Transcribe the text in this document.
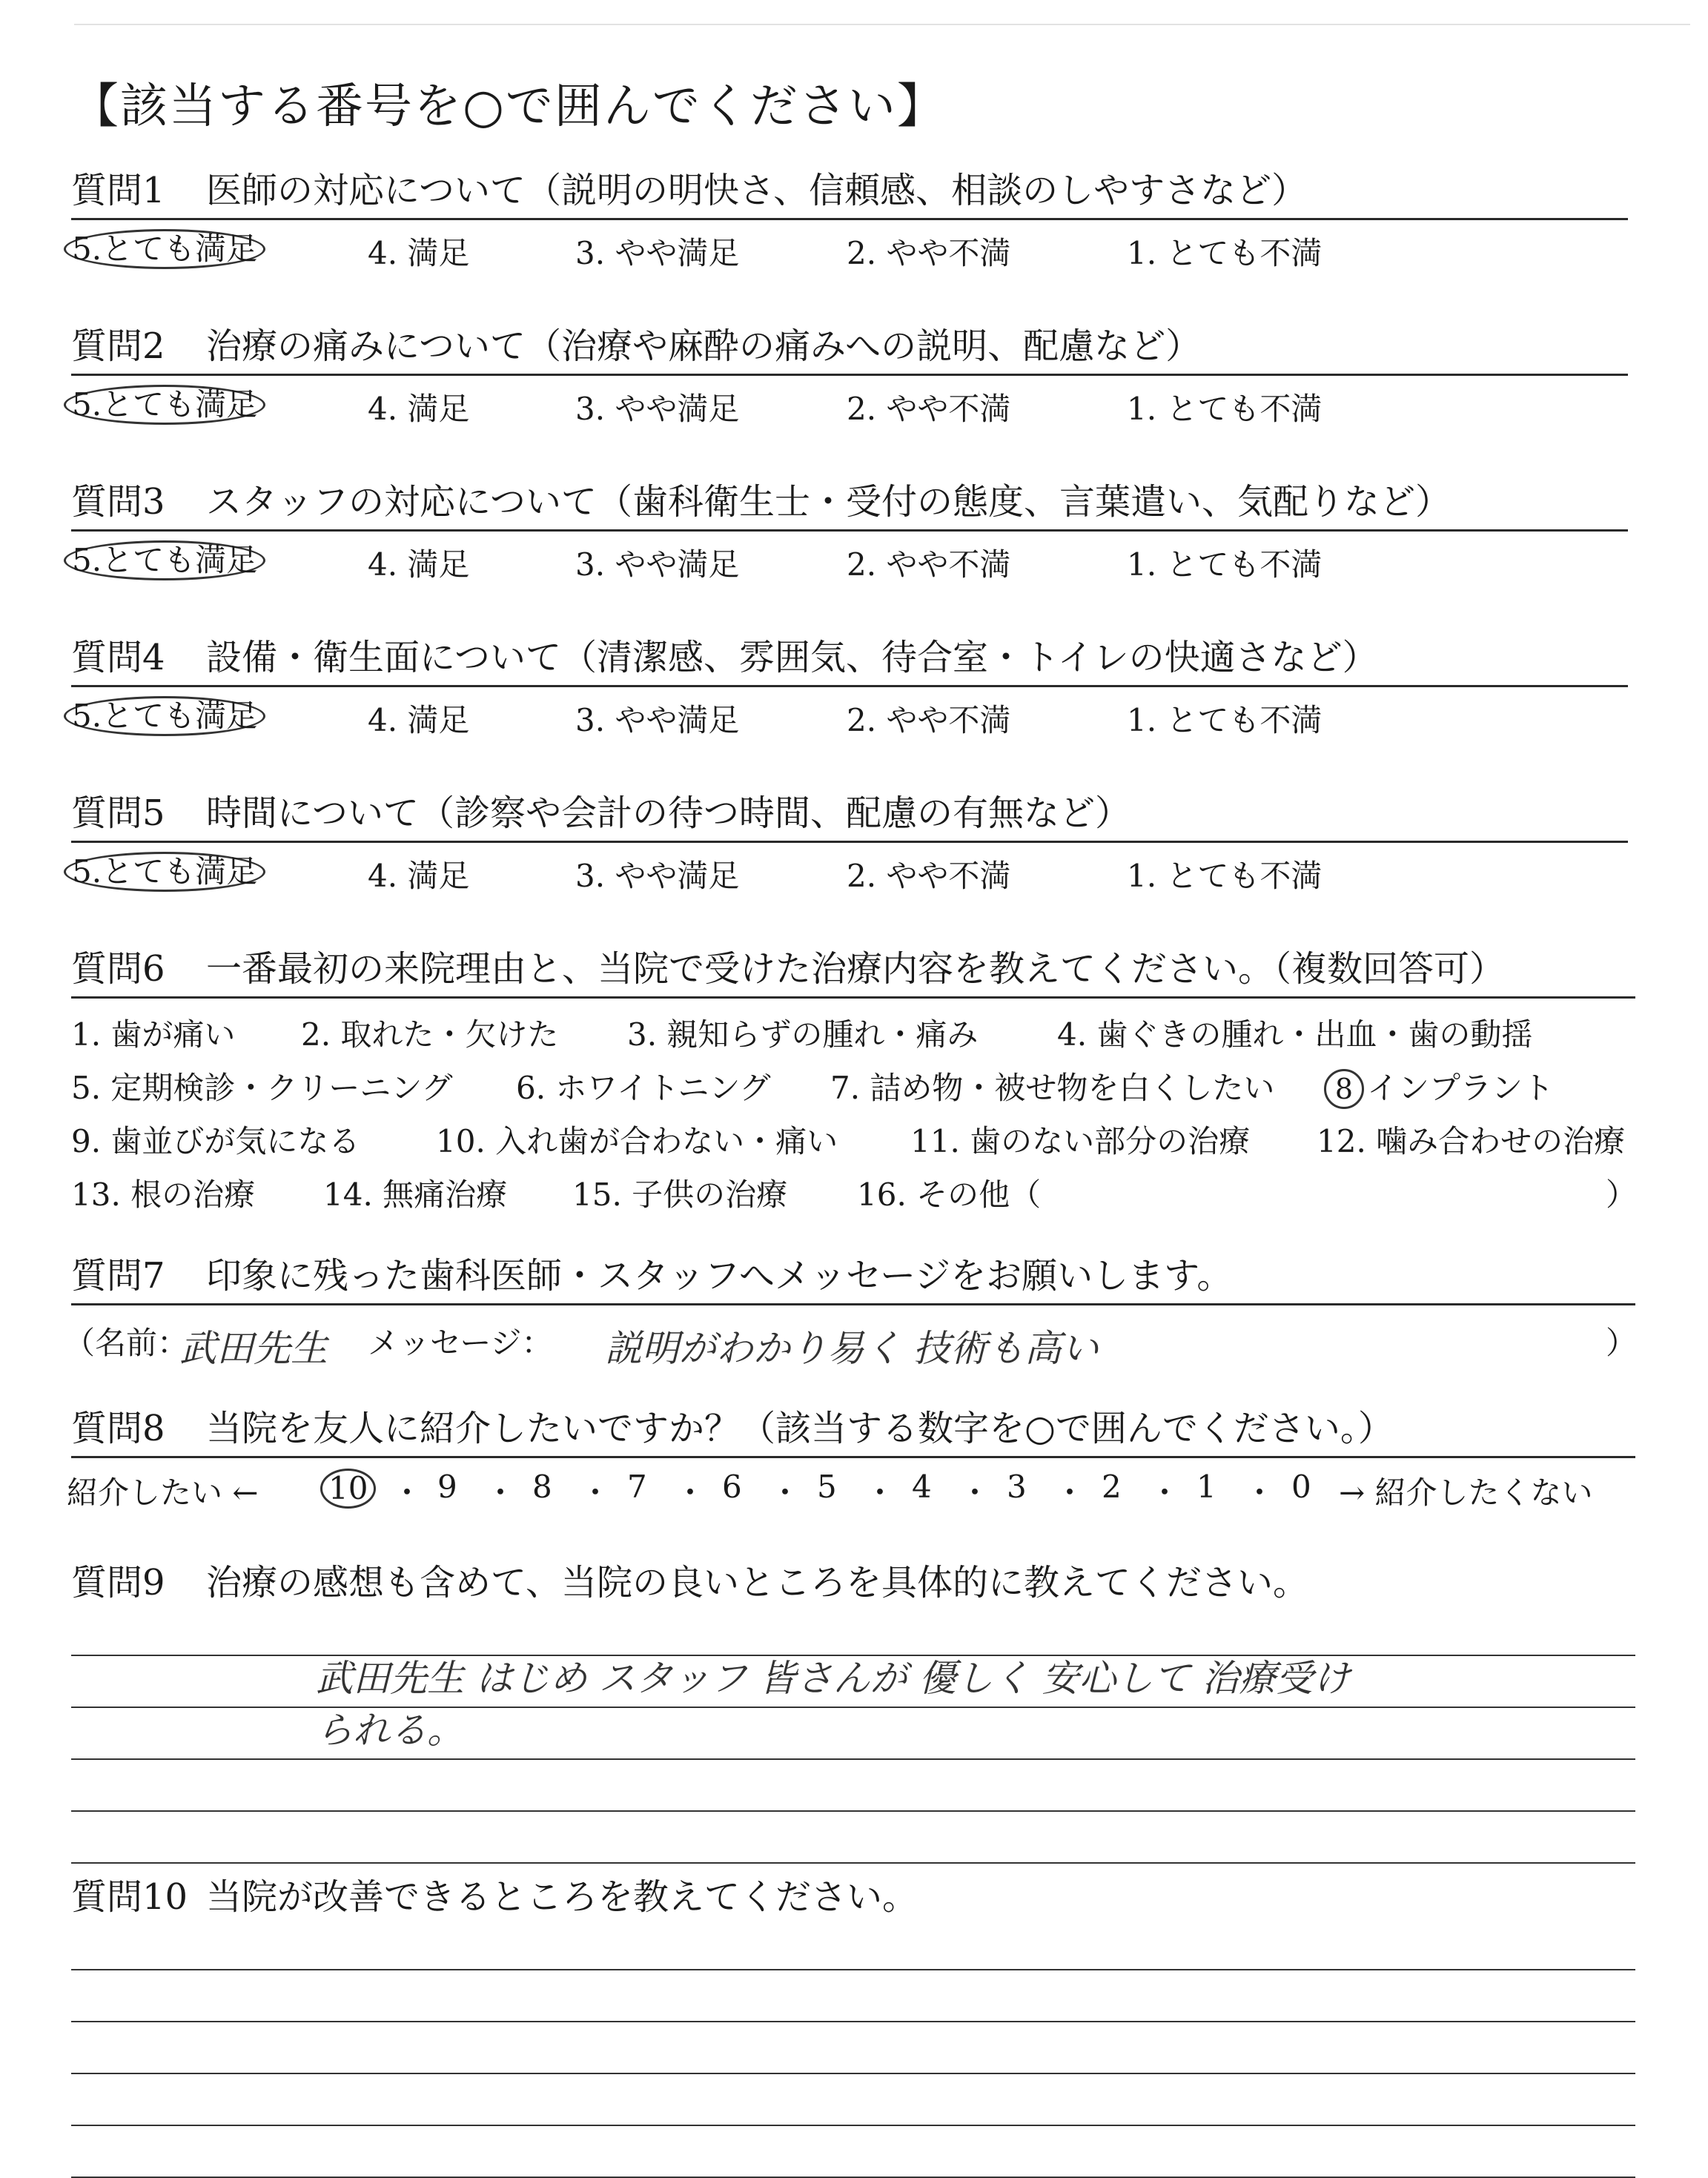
【該当する番号を○で囲んでください】
質問1 医師の対応について（説明の明快さ、信頼感、相談のしやすさなど）
5.とても満足	4. 満足	3. やや満足	2. やや不満	1. とても不満
質問2 治療の痛みについて（治療や麻酔の痛みへの説明、配慮など）
5.とても満足	4. 満足	3. やや満足	2. やや不満	1. とても不満
質問3 スタッフの対応について（歯科衛生士・受付の態度、言葉遣い、気配りなど）
5.とても満足	4. 満足	3. やや満足	2. やや不満	1. とても不満
質問4 設備・衛生面について（清潔感、雰囲気、待合室・トイレの快適さなど）
5.とても満足	4. 満足	3. やや満足	2. やや不満	1. とても不満
質問5 時間について（診察や会計の待つ時間、配慮の有無など）
5.とても満足	4. 満足	3. やや満足	2. やや不満	1. とても不満
質問6 一番最初の来院理由と、当院で受けた治療内容を教えてください。（複数回答可）
1. 歯が痛い 2. 取れた・欠けた 3. 親知らずの腫れ・痛み	4. 歯ぐきの腫れ・出血・歯の動揺
5. 定期検診・クリーニング 6. ホワイトニング 7. 詰め物・被せ物を白くしたい	8 インプラント
9. 歯並びが気になる 10. 入れ歯が合わない・痛い 11. 歯のない部分の治療 12. 噛み合わせの治療
13. 根の治療 14. 無痛治療 15. 子供の治療 16. その他（	）
質問7 印象に残った歯科医師・スタッフへメッセージをお願いします。
（名前：
武田先生 メッセージ： 説明がわかり易く 技術も高い	）
質問8 当院を友人に紹介したいですか？（該当する数字を○で囲んでください。）
紹介したい ← 10 ・ 9 ・ 8 ・ 7 ・ 6 ・ 5 ・ 4 ・ 3 ・ 2 ・ 1 ・ 0 → 紹介したくない
質問9 治療の感想も含めて、当院の良いところを具体的に教えてください。
武田先生 はじめ スタッフ 皆さんが 優しく 安心して 治療受け
られる。
質問10 当院が改善できるところを教えてください。
